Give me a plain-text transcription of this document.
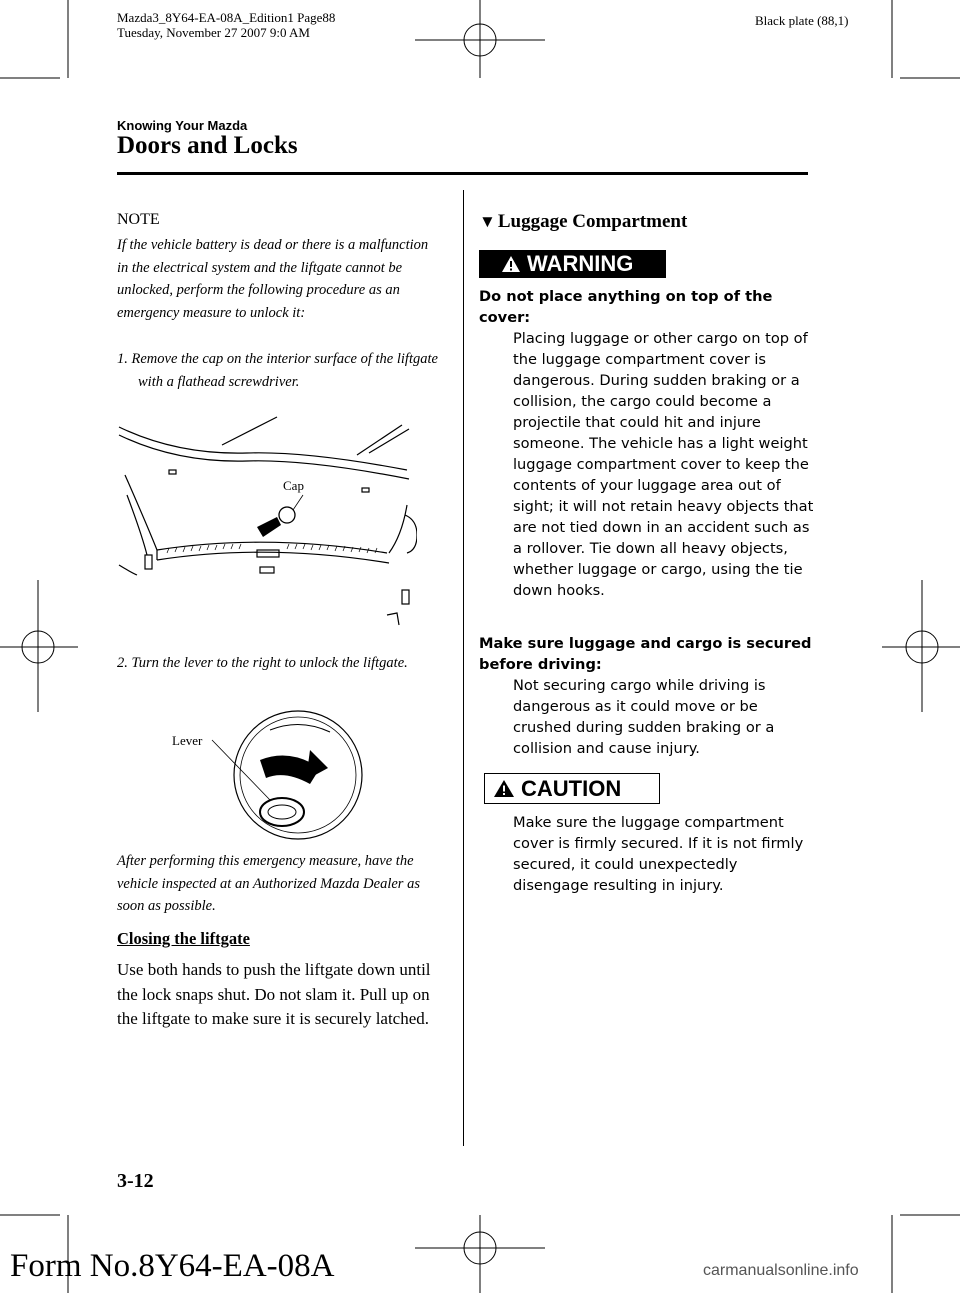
Mazda3_8Y64-EA-08A_Edition1 Page88
Tuesday, November 27 2007 9:0 AM
Black plate (88,1)
Knowing Your Mazda
Doors and Locks
NOTE
If the vehicle battery is dead or there is a malfunction in the electrical system and the liftgate cannot be unlocked, perform the following procedure as an emergency measure to unlock it:
1. Remove the cap on the interior surface of the liftgate with a flathead screwdriver.
Cap
2. Turn the lever to the right to unlock the liftgate.
Lever
After performing this emergency measure, have the vehicle inspected at an Authorized Mazda Dealer as soon as possible.
Closing the liftgate
Use both hands to push the liftgate down until the lock snaps shut. Do not slam it. Pull up on the liftgate to make sure it is securely latched.
▼ Luggage Compartment
WARNING
Do not place anything on top of the cover:
Placing luggage or other cargo on top of the luggage compartment cover is dangerous. During sudden braking or a collision, the cargo could become a projectile that could hit and injure someone. The vehicle has a light weight luggage compartment cover to keep the contents of your luggage area out of sight; it will not retain heavy objects that are not tied down in an accident such as a rollover. Tie down all heavy objects, whether luggage or cargo, using the tie down hooks.
Make sure luggage and cargo is secured before driving:
Not securing cargo while driving is dangerous as it could move or be crushed during sudden braking or a collision and cause injury.
CAUTION
Make sure the luggage compartment cover is firmly secured. If it is not firmly secured, it could unexpectedly disengage resulting in injury.
3-12
Form No.8Y64-EA-08A	carmanualsonline.info
